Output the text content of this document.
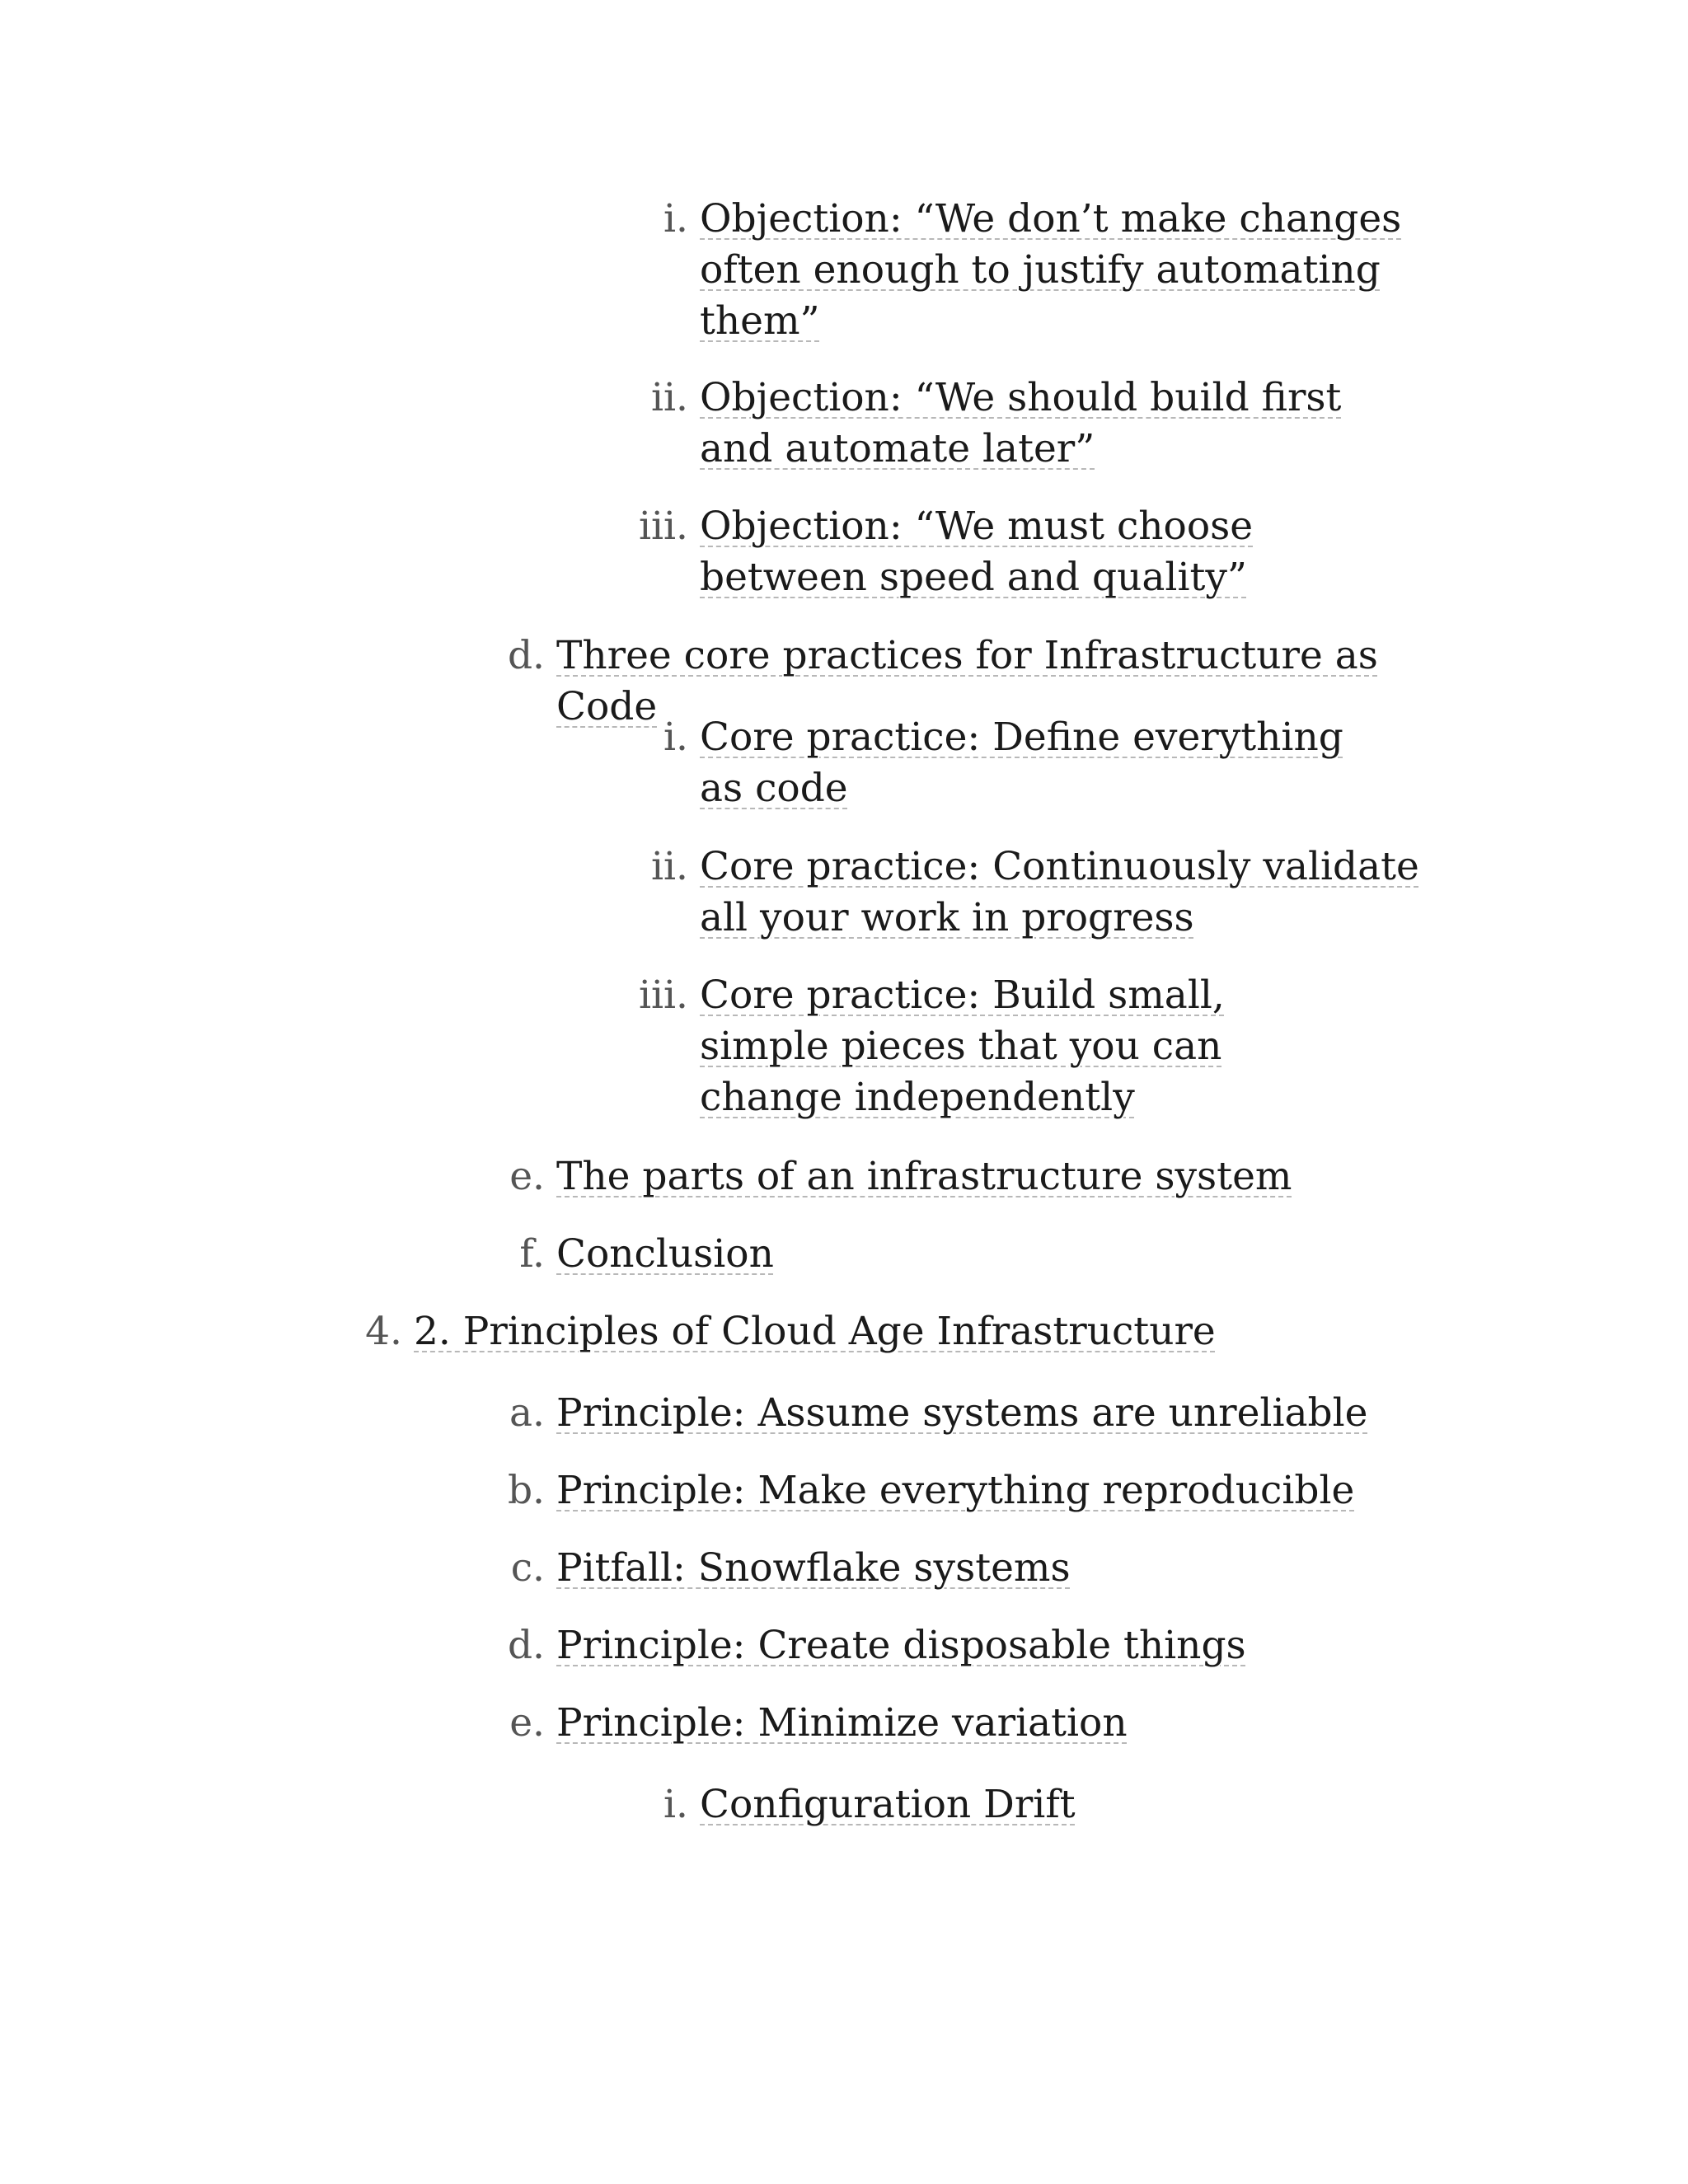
i. Objection: “We don’t make changes often enough to justify automating them”
ii. Objection: “We should build first and automate later”
iii. Objection: “We must choose between speed and quality”
d. Three core practices for Infrastructure as Code
i. Core practice: Define everything as code
ii. Core practice: Continuously validate all your work in progress
iii. Core practice: Build small, simple pieces that you can change independently
e. The parts of an infrastructure system
f. Conclusion
4. 2. Principles of Cloud Age Infrastructure
a. Principle: Assume systems are unreliable
b. Principle: Make everything reproducible
c. Pitfall: Snowflake systems
d. Principle: Create disposable things
e. Principle: Minimize variation
i. Configuration Drift
